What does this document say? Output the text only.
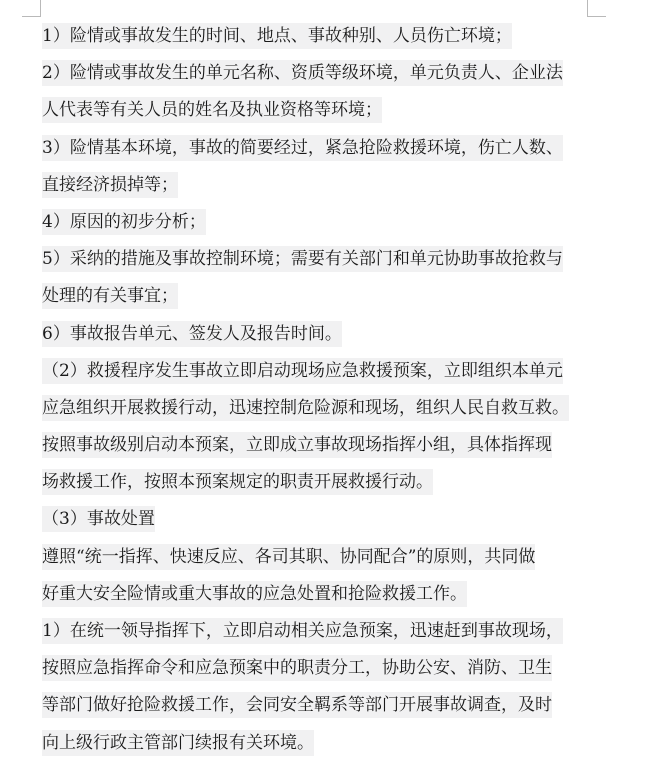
1）险情或事故发生的时间、地点、事故种别、人员伤亡环境；
2）险情或事故发生的单元名称、资质等级环境，单元负责人、企业法
人代表等有关人员的姓名及执业资格等环境；
3）险情基本环境，事故的简要经过，紧急抢险救援环境，伤亡人数、
直接经济损掉等；
4）原因的初步分析；
5）采纳的措施及事故控制环境；需要有关部门和单元协助事故抢救与
处理的有关事宜；
6）事故报告单元、签发人及报告时间。
（2）救援程序发生事故立即启动现场应急救援预案，立即组织本单元
应急组织开展救援行动，迅速控制危险源和现场，组织人民自救互救。
按照事故级别启动本预案，立即成立事故现场指挥小组，具体指挥现
场救援工作，按照本预案规定的职责开展救援行动。
（3）事故处置
遵照“统一指挥、快速反应、各司其职、协同配合”的原则，共同做
好重大安全险情或重大事故的应急处置和抢险救援工作。
1）在统一领导指挥下，立即启动相关应急预案，迅速赶到事故现场，
按照应急指挥命令和应急预案中的职责分工，协助公安、消防、卫生
等部门做好抢险救援工作，会同安全羁系等部门开展事故调查，及时
向上级行政主管部门续报有关环境。
